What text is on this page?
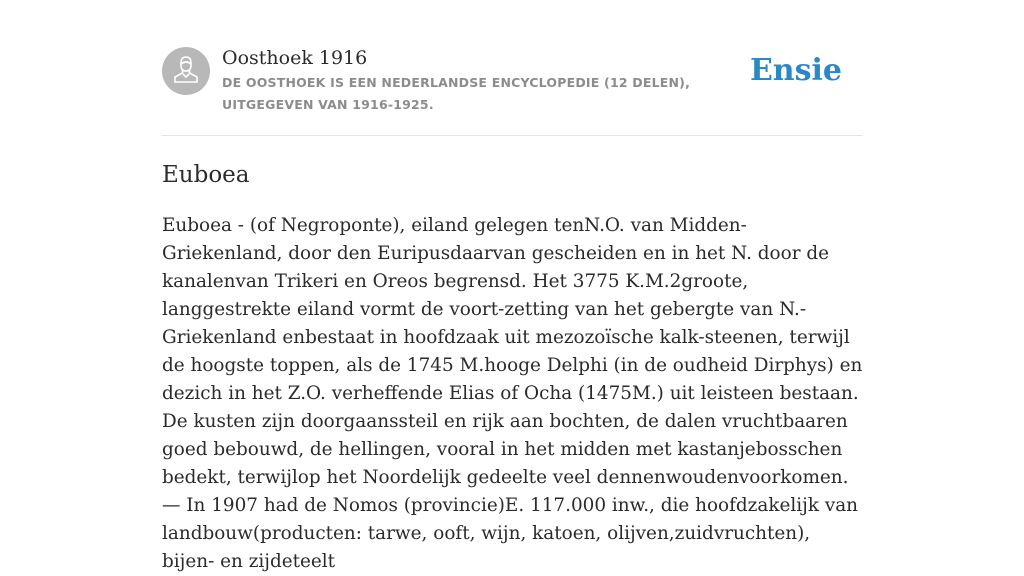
Oosthoek 1916
DE OOSTHOEK IS EEN NEDERLANDSE ENCYCLOPEDIE (12 DELEN), UITGEGEVEN VAN 1916-1925.
Ensie
Euboea

Euboea - (of Negroponte), eiland gelegen tenN.O. van Midden-Griekenland, door den Euripusdaarvan gescheiden en in het N. door de kanalenvan Trikeri en Oreos begrensd. Het 3775 K.M.2groote, langgestrekte eiland vormt de voort-zetting van het gebergte van N.-Griekenland enbestaat in hoofdzaak uit mezozoïsche kalk-steenen, terwijl de hoogste toppen, als de 1745 M.hooge Delphi (in de oudheid Dirphys) en dezich in het Z.O. verheffende Elias of Ocha (1475M.) uit leisteen bestaan. De kusten zijn doorgaanssteil en rijk aan bochten, de dalen vruchtbaaren goed bebouwd, de hellingen, vooral in het midden met kastanjebosschen bedekt, terwijlop het Noordelijk gedeelte veel dennenwoudenvoorkomen. — In 1907 had de Nomos (provincie)E. 117.000 inw., die hoofdzakelijk van landbouw(producten: tarwe, ooft, wijn, katoen, olijven,zuidvruchten), bijen- en zijdeteelt
